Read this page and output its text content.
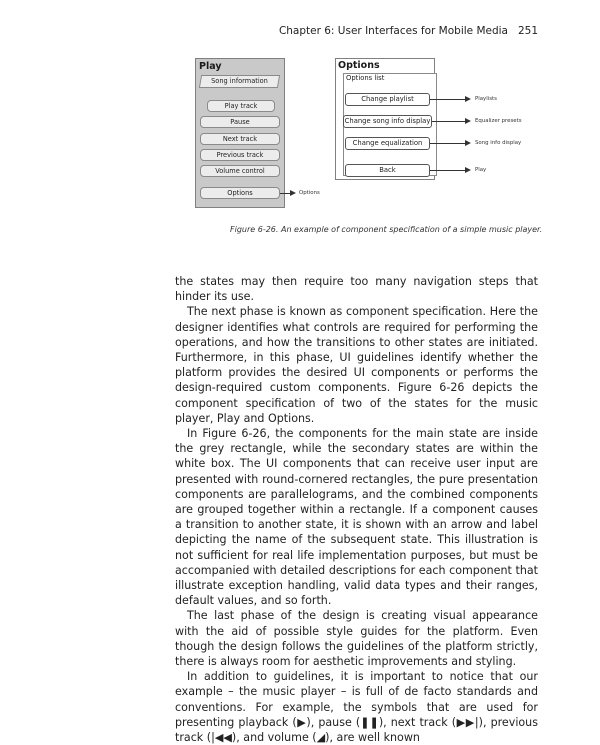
Chapter 6: User Interfaces for Mobile Media 251
Play
Song information
Play track
Pause
Next track
Previous track
Volume control
Options	Options
Options
Options list
Change playlist
Change song info display
Change equalization
Back
Playlists
Equalizer presets
Song info display
Play
Figure 6-26. An example of component specification of a simple music player.

the states may then require too many navigation steps that hinder its use.

The next phase is known as component specification. Here the designer identifies what controls are required for performing the operations, and how the transitions to other states are initiated. Furthermore, in this phase, UI guidelines identify whether the platform provides the desired UI components or performs the design-required custom components. Figure 6-26 depicts the component specification of two of the states for the music player, Play and Options.

In Figure 6-26, the components for the main state are inside the grey rectangle, while the secondary states are within the white box. The UI components that can receive user input are presented with round-cornered rectangles, the pure presentation components are parallelograms, and the combined components are grouped together within a rectangle. If a component causes a transition to another state, it is shown with an arrow and label depicting the name of the subsequent state. This illustration is not sufficient for real life implementation purposes, but must be accompanied with detailed descriptions for each component that illustrate exception handling, valid data types and their ranges, default values, and so forth.

The last phase of the design is creating visual appearance with the aid of possible style guides for the platform. Even though the design follows the guidelines of the platform strictly, there is always room for aesthetic improvements and styling.

In addition to guidelines, it is important to notice that our example – the music player – is full of de facto standards and conventions. For example, the symbols that are used for presenting playback (▶), pause (❚❚), next track (▶▶|), previous track (|◀◀), and volume (◢), are well known
